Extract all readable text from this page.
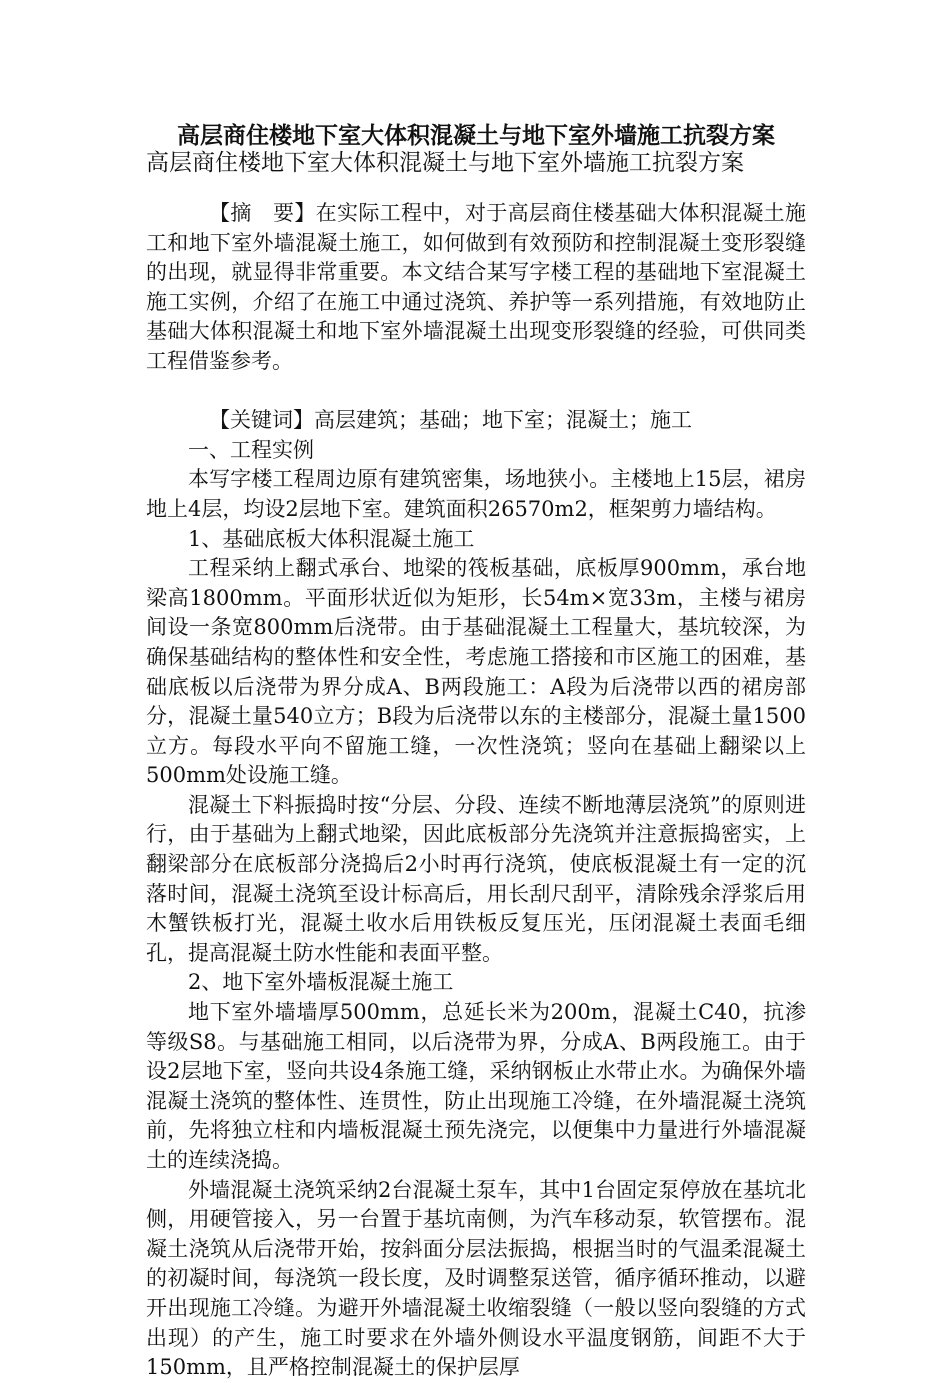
高层商住楼地下室大体积混凝土与地下室外墙施工抗裂方案

高层商住楼地下室大体积混凝土与地下室外墙施工抗裂方案

【摘　要】在实际工程中，对于高层商住楼基础大体积混凝土施工和地下室外墙混凝土施工，如何做到有效预防和控制混凝土变形裂缝的出现，就显得非常重要。本文结合某写字楼工程的基础地下室混凝土施工实例，介绍了在施工中通过浇筑、养护等一系列措施，有效地防止基础大体积混凝土和地下室外墙混凝土出现变形裂缝的经验，可供同类工程借鉴参考。

【关键词】高层建筑；基础；地下室；混凝土；施工

一、工程实例

本写字楼工程周边原有建筑密集，场地狭小。主楼地上15层，裙房地上4层，均设2层地下室。建筑面积26570m2，框架剪力墙结构。

1、基础底板大体积混凝土施工

工程采纳上翻式承台、地梁的筏板基础，底板厚900mm，承台地梁高1800mm。平面形状近似为矩形，长54m×宽33m，主楼与裙房间设一条宽800mm后浇带。由于基础混凝土工程量大，基坑较深，为确保基础结构的整体性和安全性，考虑施工搭接和市区施工的困难，基础底板以后浇带为界分成A、B两段施工：A段为后浇带以西的裙房部分，混凝土量540立方；B段为后浇带以东的主楼部分，混凝土量1500立方。每段水平向不留施工缝，一次性浇筑；竖向在基础上翻梁以上500mm处设施工缝。

混凝土下料振捣时按“分层、分段、连续不断地薄层浇筑”的原则进行，由于基础为上翻式地梁，因此底板部分先浇筑并注意振捣密实，上翻梁部分在底板部分浇捣后2小时再行浇筑，使底板混凝土有一定的沉落时间，混凝土浇筑至设计标高后，用长刮尺刮平，清除残余浮浆后用木蟹铁板打光，混凝土收水后用铁板反复压光，压闭混凝土表面毛细孔，提高混凝土防水性能和表面平整。

2、地下室外墙板混凝土施工

地下室外墙墙厚500mm，总延长米为200m，混凝土C40，抗渗等级S8。与基础施工相同，以后浇带为界，分成A、B两段施工。由于设2层地下室，竖向共设4条施工缝，采纳钢板止水带止水。为确保外墙混凝土浇筑的整体性、连贯性，防止出现施工冷缝，在外墙混凝土浇筑前，先将独立柱和内墙板混凝土预先浇完，以便集中力量进行外墙混凝土的连续浇捣。

外墙混凝土浇筑采纳2台混凝土泵车，其中1台固定泵停放在基坑北侧，用硬管接入，另一台置于基坑南侧，为汽车移动泵，软管摆布。混凝土浇筑从后浇带开始，按斜面分层法振捣，根据当时的气温柔混凝土的初凝时间，每浇筑一段长度，及时调整泵送管，循序循环推动，以避开出现施工冷缝。为避开外墙混凝土收缩裂缝（一般以竖向裂缝的方式出现）的产生，施工时要求在外墙外侧设水平温度钢筋，间距不大于150mm，且严格控制混凝土的保护层厚
